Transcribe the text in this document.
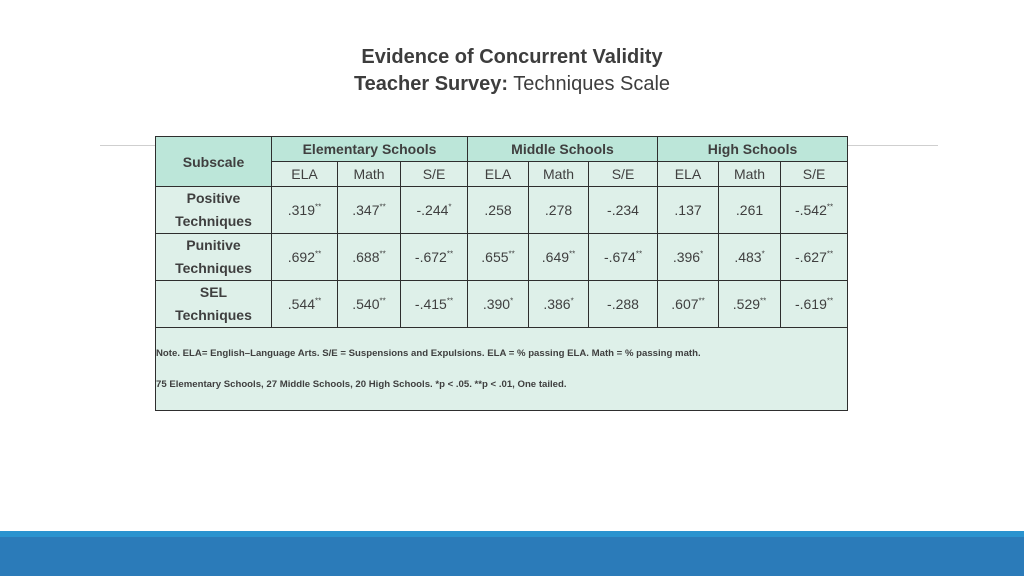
Evidence of Concurrent Validity
Teacher Survey: Techniques Scale
Subscale	Elementary Schools			Middle Schools			High Schools		
	ELA	Math	S/E	ELA	Math	S/E	ELA	Math	S/E

Positive
Techniques	.319**	.347**	-.244*	.258	.278	-.234	.137	.261	-.542**

Punitive
Techniques	.692**	.688**	-.672**	.655**	.649**	-.674**	.396*	.483*	-.627**

SEL
Techniques	.544**	.540**	-.415**	.390*	.386*	-.288	.607**	.529**	-.619**

Note. ELA= English–Language Arts. S/E = Suspensions and Expulsions. ELA = % passing ELA. Math = % passing math.

75 Elementary Schools, 27 Middle Schools, 20 High Schools. *p < .05. **p < .01, One tailed.									
